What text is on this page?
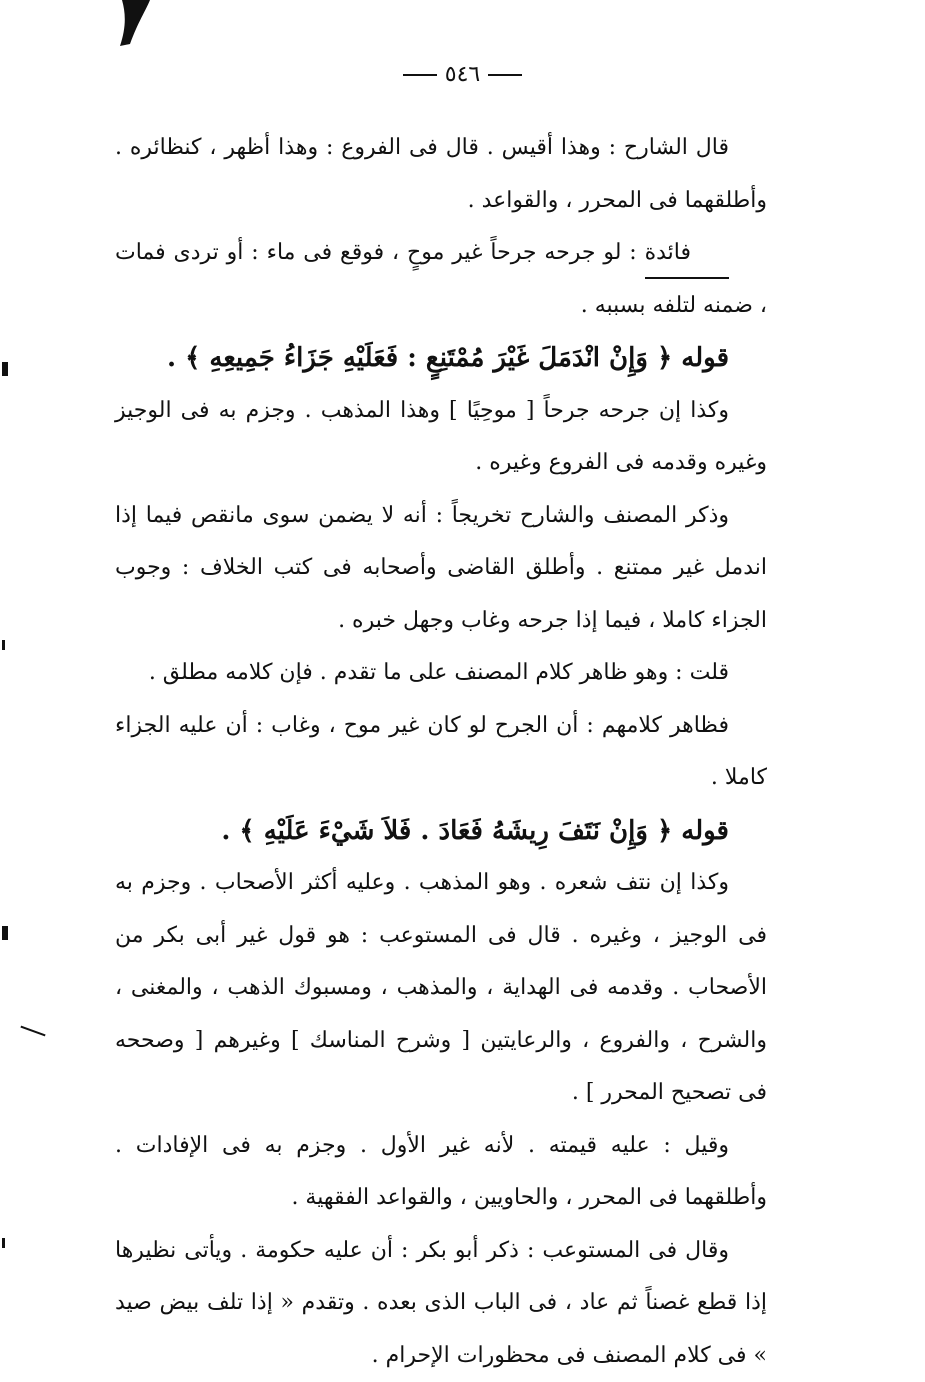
٥٤٦

قال الشارح : وهذا أقيس . قال فى الفروع : وهذا أظهر ، كنظائره . وأطلقهما فى المحرر ، والقواعد .

فائدة : لو جرحه جرحاً غير موحٍ ، فوقع فى ماء : أو تردى فمات ، ضمنه لتلفه بسببه .

قوله ﴿ وَإِنْ انْدَمَلَ غَيْرَ مُمْتَنِعٍ : فَعَلَيْهِ جَزَاءُ جَمِيعِهِ ﴾ .

وكذا إن جرحه جرحاً [ موحِيًا ] وهذا المذهب . وجزم به فى الوجيز وغيره وقدمه فى الفروع وغيره .

وذكر المصنف والشارح تخريجاً : أنه لا يضمن سوى مانقص فيما إذا اندمل غير ممتنع . وأطلق القاضى وأصحابه فى كتب الخلاف : وجوب الجزاء كاملا ، فيما إذا جرحه وغاب وجهل خبره .

قلت : وهو ظاهر كلام المصنف على ما تقدم . فإن كلامه مطلق .

فظاهر كلامهم : أن الجرح لو كان غير موح ، وغاب : أن عليه الجزاء كاملا .

قوله ﴿ وَإِنْ نَتَفَ رِيشَهُ فَعَادَ . فَلاَ شَيْءَ عَلَيْهِ ﴾ .

وكذا إن نتف شعره . وهو المذهب . وعليه أكثر الأصحاب . وجزم به فى الوجيز ، وغيره . قال فى المستوعب : هو قول غير أبى بكر من الأصحاب . وقدمه فى الهداية ، والمذهب ، ومسبوك الذهب ، والمغنى ، والشرح ، والفروع ، والرعايتين [ وشرح المناسك ] وغيرهم [ وصححه فى تصحيح المحرر ] .

وقيل : عليه قيمته . لأنه غير الأول . وجزم به فى الإفادات . وأطلقهما فى المحرر ، والحاويين ، والقواعد الفقهية .

وقال فى المستوعب : ذكر أبو بكر : أن عليه حكومة . ويأتى نظيرها إذا قطع غصناً ثم عاد ، فى الباب الذى بعده . وتقدم « إذا تلف بيض صيد » فى كلام المصنف فى محظورات الإحرام .
